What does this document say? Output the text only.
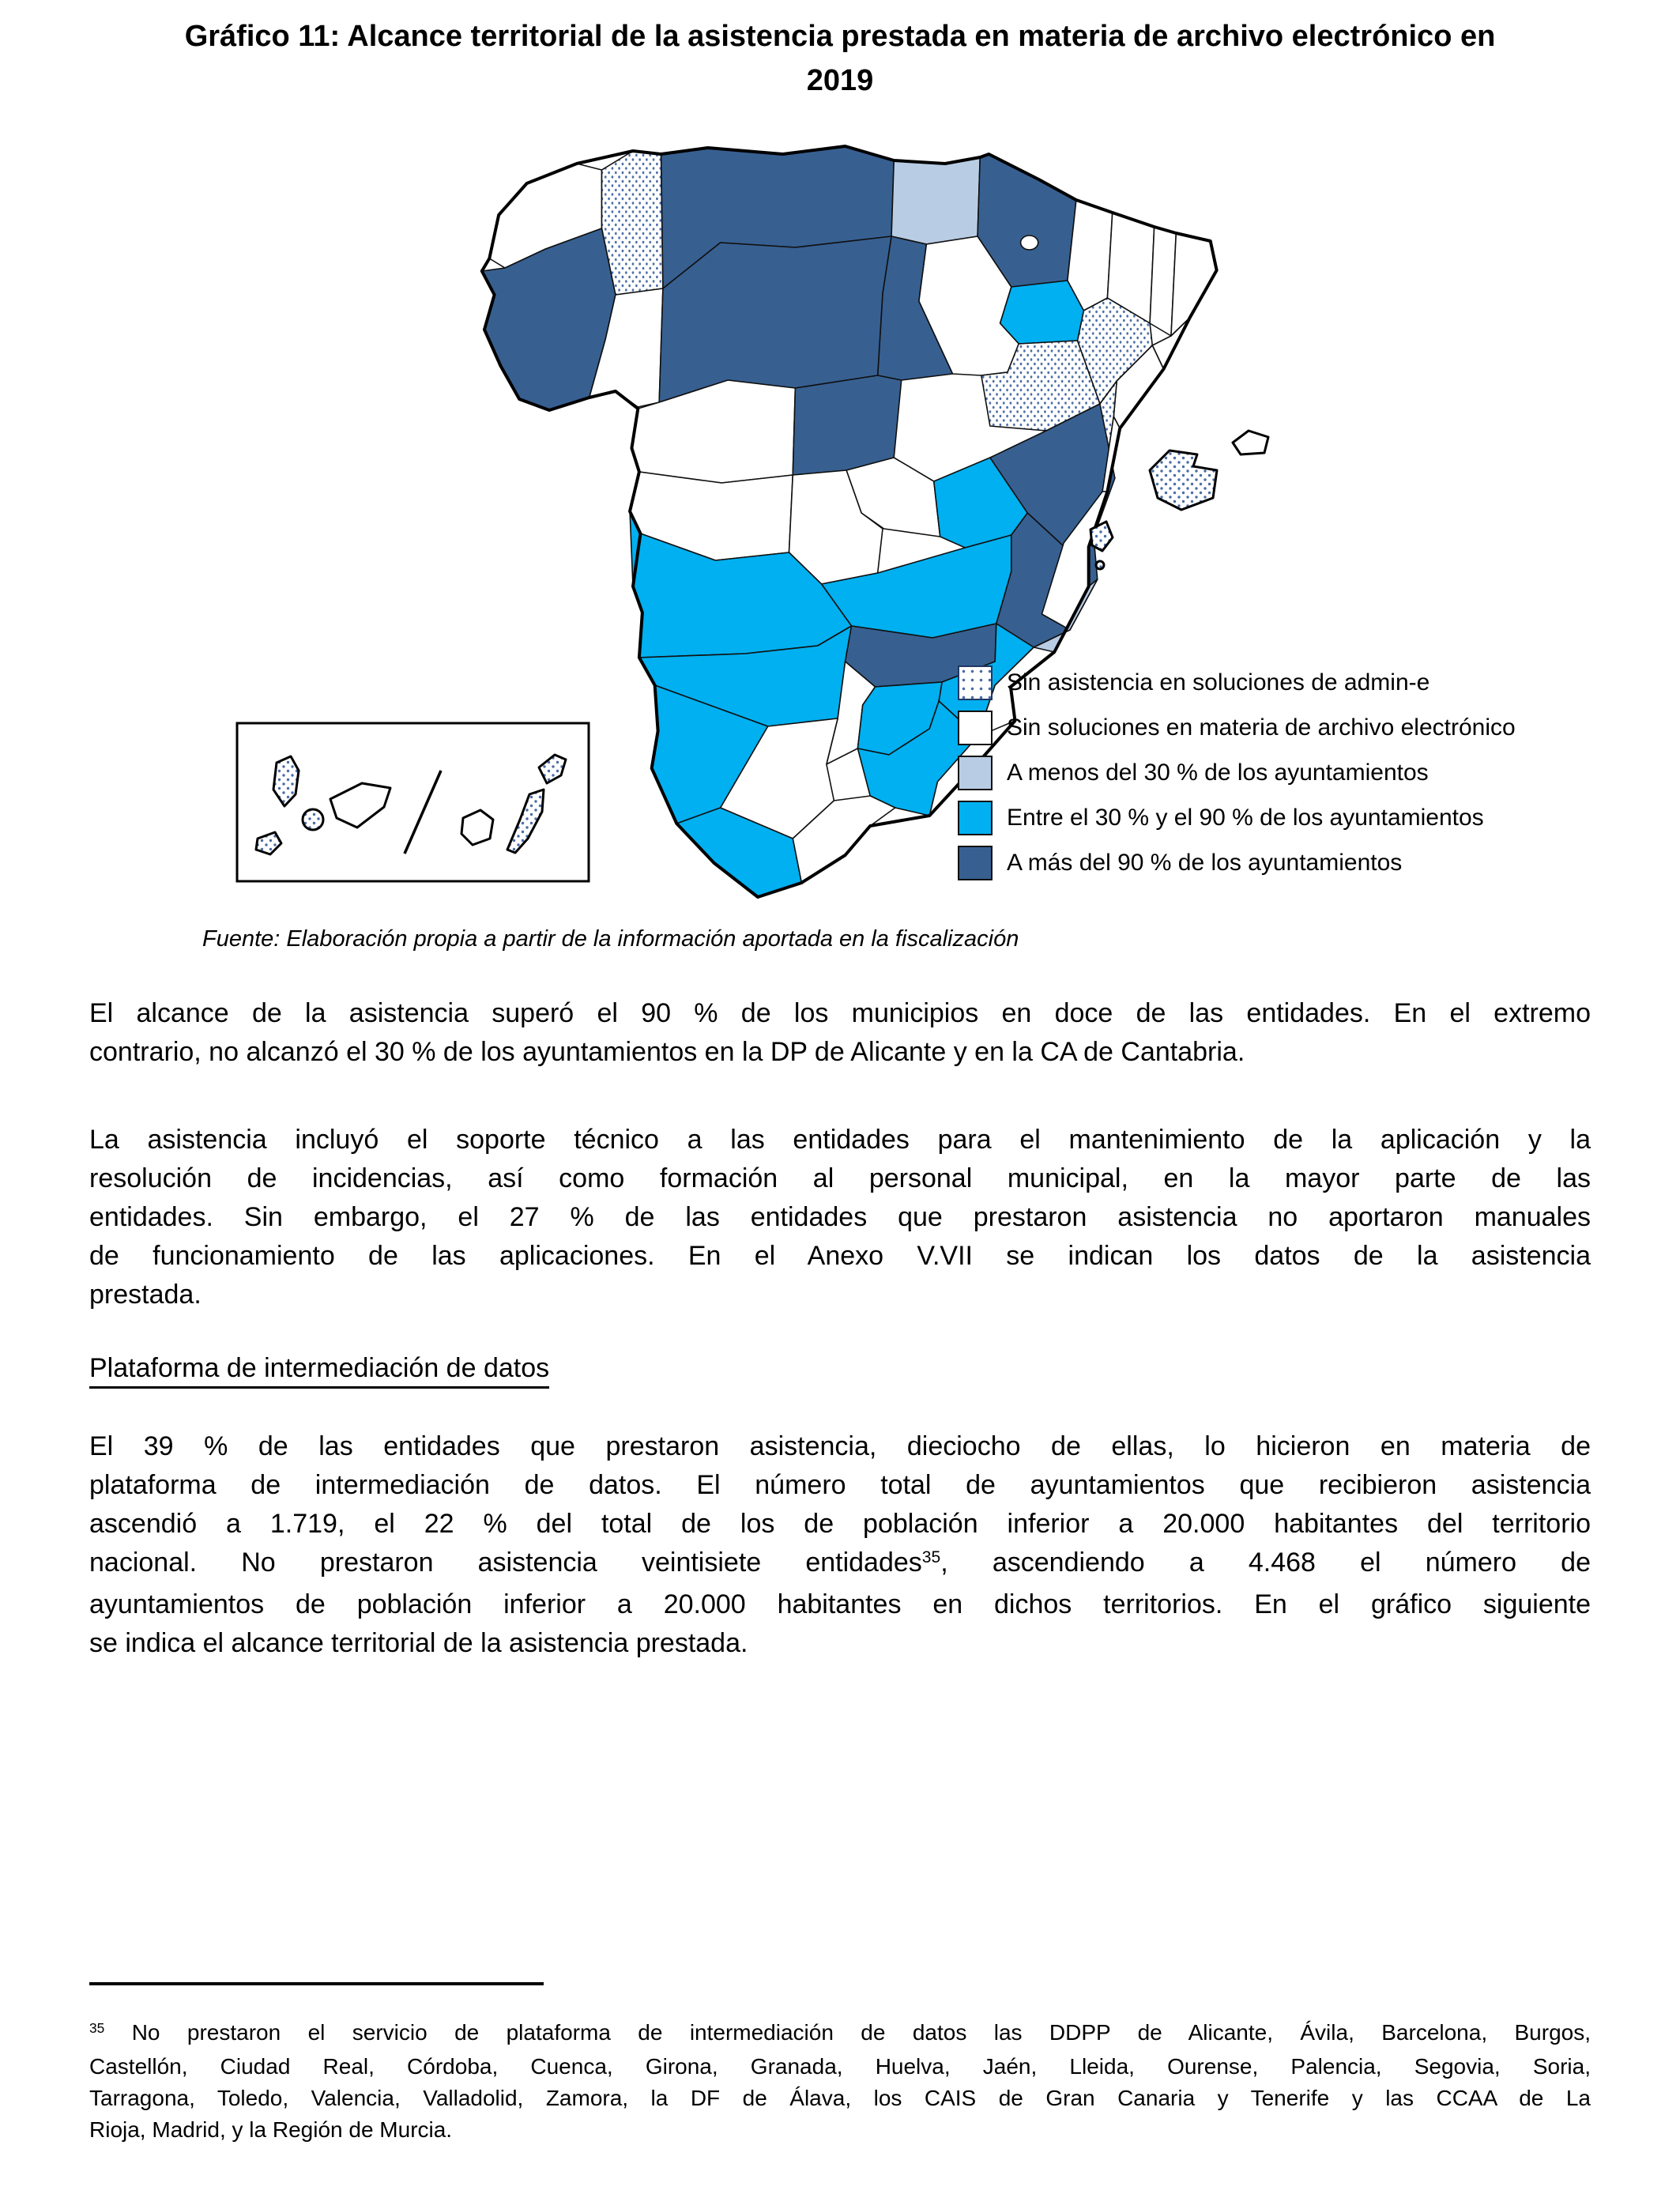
Gráfico 11: Alcance territorial de la asistencia prestada en materia de archivo electrónico en
2019
Sin asistencia en soluciones de admin-e
Sin soluciones en materia de archivo electrónico
A menos del 30 % de los ayuntamientos
Entre el 30 % y el 90 % de los ayuntamientos
A más del 90 % de los ayuntamientos
Fuente: Elaboración propia a partir de la información aportada en la fiscalización
El alcance de la asistencia superó el 90 % de los municipios en doce de las entidades. En el extremo
contrario, no alcanzó el 30 % de los ayuntamientos en la DP de Alicante y en la CA de Cantabria.
La asistencia incluyó el soporte técnico a las entidades para el mantenimiento de la aplicación y la
resolución de incidencias, así como formación al personal municipal, en la mayor parte de las
entidades. Sin embargo, el 27 % de las entidades que prestaron asistencia no aportaron manuales
de funcionamiento de las aplicaciones. En el Anexo V.VII se indican los datos de la asistencia
prestada.
Plataforma de intermediación de datos
El 39 % de las entidades que prestaron asistencia, dieciocho de ellas, lo hicieron en materia de
plataforma de intermediación de datos. El número total de ayuntamientos que recibieron asistencia
ascendió a 1.719, el 22 % del total de los de población inferior a 20.000 habitantes del territorio
nacional. No prestaron asistencia veintisiete entidades$^{35}$, ascendiendo a 4.468 el número de
ayuntamientos de población inferior a 20.000 habitantes en dichos territorios. En el gráfico siguiente
se indica el alcance territorial de la asistencia prestada.
$^{35}$ No prestaron el servicio de plataforma de intermediación de datos las DDPP de Alicante, Ávila, Barcelona, Burgos,
Castellón, Ciudad Real, Córdoba, Cuenca, Girona, Granada, Huelva, Jaén, Lleida, Ourense, Palencia, Segovia, Soria,
Tarragona, Toledo, Valencia, Valladolid, Zamora, la DF de Álava, los CAIS de Gran Canaria y Tenerife y las CCAA de La
Rioja, Madrid, y la Región de Murcia.
